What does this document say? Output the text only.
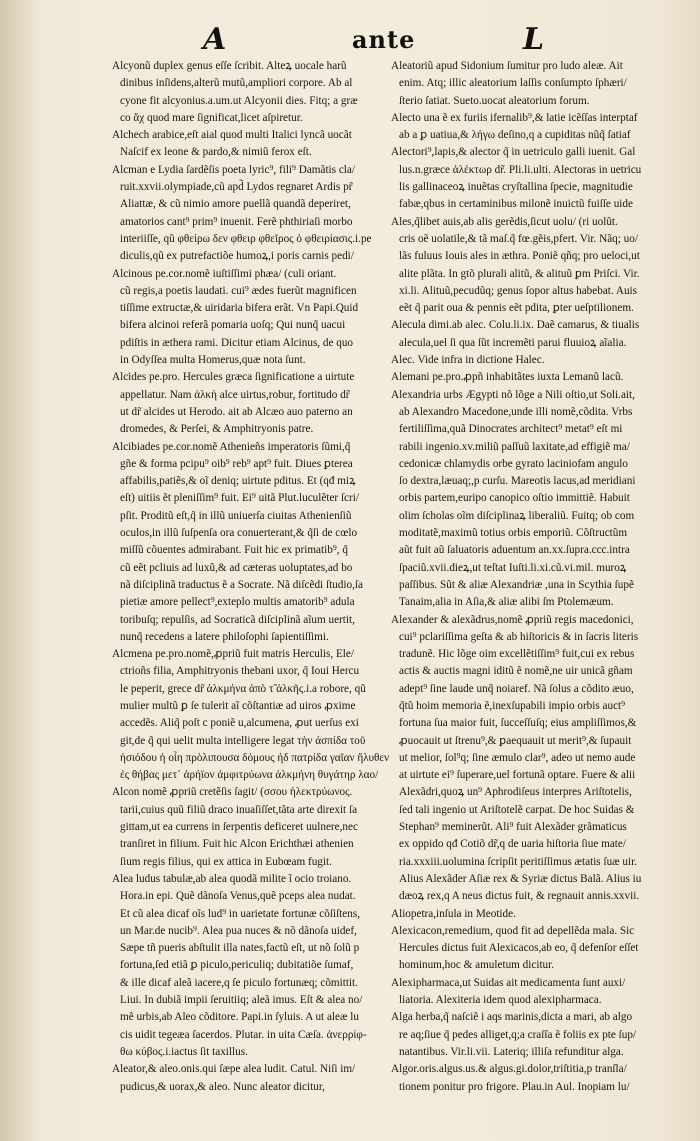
A	ante	L
Alcyonũ duplex genus eſſe ſcribit. Alteꝝ uocale harũ
dinibus inſidens,alterũ mutũ,ampliori corpore. Ab al
cyone fit alcyonius.a.um.ut Alcyonii dies. Fitq; a græ
co ἄχ quod mare ſignificat,licet aſpiretur.
Alchech arabice,eſt aial quod multi Italici lyncã uocãt
Naſcif ex leone & pardo,& nimiũ ferox eſt.
Alcman e Lydia ſardẽſis poeta lyric⁹, fili⁹ Damãtis cla/
ruit.xxvii.olympiade,cũ apd̃ Lydos regnaret Ardis pr̃
Aliattæ, & cũ nimio amore puellã quandã deperiret,
amatorios cant⁹ prim⁹ inuenit. Ferẽ phthiriaſi morbo
interiiſſe, qũ φθείρω δεν φθειρ φθεῖρος ὁ φθειρίασις.i.pe
diculis,qũ ex putrefactiõe humoꝝ,i poris carnis pedi/
Alcinous pe.cor.nomẽ iuſtiſſimi phæa/ (culi oriant.
cũ regis,a poetis laudati. cui⁹ ædes fuerũt magnificen
tiſſime extructæ,& uiridaria bifera erãt. Vn Papi.Quid
bifera alcinoi referã pomaria uoſq; Qui nunq̃ uacui
pdiſtis in æthera rami. Dicitur etiam Alcinus, de quo
in Odyſſea multa Homerus,quæ nota ſunt.
Alcides pe.pro. Hercules græca ſignificatione a uirtute
appellatur. Nam ἀλκὴ alce uirtus,robur, fortitudo dr̃
ut dr̃ alcides ut Herodo. ait ab Alcæo auo paterno an
dromedes, & Perſei, & Amphitryonis patre.
Alcibiades pe.cor.nomẽ Athenieñs imperatoris ſũmi,q̃
gñe & forma pcipu⁹ oib⁹ reb⁹ apt⁹ fuit. Diues ꝑterea
affabilis,patiẽs,& oĩ deniq; uirtute pditus. Et (qđ miꝝ
eſt) uitiis ẽt pleniſſim⁹ fuit. Ei⁹ uitã Plut.luculẽter ſcri/
pſit. Proditũ eſt,q̃ in illũ uniuerſa ciuitas Athenienſiũ
oculos,in illũ ſuſpenſa ora conuerterant,& q̃ſi de cœlo
miſſũ cõuentes admirabant. Fuit hic ex primatib⁹, q̃
cũ eẽt pcliuis ad luxũ,& ad cæteras uoluptates,ad bo
nã diſciplinã traductus ẽ a Socrate. Nã diſcẽdi ſtudio,ſa
pietiæ amore pellect⁹,exteplo multis amatorib⁹ adula
toribuſq; repulſis, ad Socraticã diſciplinã aĩum uertit,
nunq̃ recedens a latere philoſophi ſapientiſſimi.
Alcmena pe.pro.nomẽ,ꝓpriũ fuit matris Herculis, Ele/
ctrioñs filia, Amphitryonis thebani uxor, q̃ Ioui Hercu
le peperit, grece dr̃ ἀλκμήνα ἀπὸ τ̃ ἀλκῆς.i.a robore, qũ
mulier multũ ꝑ ſe tulerit aĩ cõſtantiæ ad uiros ꝓxime
accedẽs. Aliq̃ poſt c poniẽ u,alcumena, ꝓut uerſus exi
git,de q̃ qui uelit multa intelligere legat τὴν ἀσπίδα τοῦ
ἡσιόδου ἡ οἷη πρὸλιπουσα δόμους ἠδ πατρίδα γαῖαν ἤλυθεν
ἐς θήβας μετ᾽ ἀρήϊον ἀμφιτρύωνα ἀλκμήνη θυγάτηρ λαο/
Alcon nomẽ ꝓpriũ cretẽſis ſagit/ (σσου ἠλεκτρύωνος.
tarii,cuius quũ filiũ draco inuaſiſſet,tãta arte direxit ſa
gittam,ut ea currens in ſerpentis deficeret uulnere,nec
tranſiret in filium. Fuit hic Alcon Erichthæi athenien
ſium regis filius, qui ex attica in Eubœam fugit.
Alea ludus tabulæ,ab alea quodã milite ĩ ocio troiano.
Hora.in epi. Quẽ dãnoſa Venus,quẽ pceps alea nudat.
Et cũ alea dicaf oĩs lud⁹ in uarietate fortunæ cõſiſtens,
un Mar.de nucib⁹. Alea pua nuces & nõ dãnoſa uidef,
Sæpe tñ pueris abſtulit illa nates,factũ eſt, ut nõ ſolũ p
fortuna,ſed etiã ꝑ piculo,periculiq; dubitatiõe ſumaf,
& ille dicaf aleã iacere,q ſe piculo fortunæq; cõmittit.
Liui. In dubiã impii ſeruitiiq; aleã imus. Eſt & alea no/
mẽ urbis,ab Aleo cõditore. Papi.in ſyluis. A ut aleæ lu
cis uidit tegeæa ſacerdos. Plutar. in uita Cæſa. ἀνερρίφ-
θω κύβος.i.iactus ſit taxillus.
Aleator,& aleo.onis.qui ſæpe alea ludit. Catul. Niſi im/
pudicus,& uorax,& aleo. Nunc aleator dicitur,
Aleatoriũ apud Sidonium ſumitur pro ludo aleæ. Ait
enim. Atq; illic aleatorium laſſis conſumpto ſphæri/
ſterio ſatiat. Sueto.uocat aleatorium forum.
Alecto una ẽ ex furiis ifernalib⁹,& latie icẽſſas interptaf
ab a ꝑ uatiua,& λήγω deſino,q a cupiditas nũq̃ ſatiaf
Alectori⁹,lapis,& alector q̃ in uetriculo galli iuenit. Gal
lus.n.græce ἀλέκτωρ dr̃. Pli.li.ulti. Alectoras in uetricu
lis gallinaceoꝝ inuẽtas cryſtallina ſpecie, magnitudie
fabæ,qbus in certaminibus milonẽ inuictũ fuiſſe uide
Ales,q̃libet auis,ab alis gerẽdis,ſicut uolu/ (ri uolũt.
cris oẽ uolatile,& tã maſ.q̃ fœ.gẽis,pfert. Vir. Nãq; uo/
lãs fuluus Iouis ales in æthra. Poniẽ qñq; pro ueloci,ut
alite plãta. In gtõ plurali alitũ, & alituũ ꝑm Priſci. Vir.
xi.li. Alituũ,pecudũq; genus ſopor altus habebat. Auis
eẽt q̃ parit oua & pennis eẽt pdita, ꝑter ueſptilionem.
Alecula dimi.ab alec. Colu.li.ix. Daẽ camarus, & tiualis
alecula,uel ſi qua ſũt incremẽti parui fluuioꝝ aĩalia.
Alec. Vide infra in dictione Halec.
Alemani pe.pro.ꝓpñ inhabitãtes iuxta Lemanũ lacũ.
Alexandria urbs Ægypti nõ lõge a Nili oſtio,ut Soli.ait,
ab Alexandro Macedone,unde illi nomẽ,cõdita. Vrbs
fertiliſſima,quã Dinocrates architect⁹ metat⁹ eſt mi
rabili ingenio.xv.miliũ paſſuũ laxitate,ad effigiẽ ma/
cedonicæ chlamydis orbe gyrato laciniofam angulo
ſo dextra,læuaq;,p curſu. Mareotis lacus,ad meridiani
orbis partem,euripo canopico oſtio immittiẽ. Habuit
olim ſcholas oĩm diſciplinaꝝ liberaliũ. Fuitq; ob com
moditatẽ,maximũ totius orbis emporiũ. Cõſtructũm
aũt fuit aũ ſaluatoris aduentum an.xx.ſupra.ccc.intra
ſpaciũ.xvii.dieꝝ,ut teſtat Iuſti.li.xi.cũ.vi.mil. muroꝝ
paſſibus. Sũt & aliæ Alexandriæ ,una in Scythia ſupẽ
Tanaim,alia in Aſia,& aliæ alibi ſm Ptolemæum.
Alexander & alexãdrus,nomẽ ꝓpriũ regis macedonici,
cui⁹ pclariſſima geſta & ab hiſtoricis & in ſacris literis
tradunẽ. Hic lõge oim excellẽtiſſim⁹ fuit,cui ex rebus
actis & auctis magni iditũ ẽ nomẽ,ne uir unicã gñam
adept⁹ ſine laude unq̃ noiaref. Nã ſolus a cõdito æuo,
q̃tũ hoim memoria ẽ,inexſupabili impio orbis auct⁹
fortuna ſua maior fuit, ſucceſſuſq; eius ampliſſimos,&
ꝓuocauit ut ſtrenu⁹,& ꝑaequauit ut merit⁹,& ſupauit
ut melior, ſol⁹q; ſine æmulo clar⁹, adeo ut nemo aude
at uirtute ei⁹ ſuperare,uel fortunã optare. Fuere & alii
Alexãdri,quoꝝ un⁹ Aphrodiſeus interpres Ariſtotelis,
ſed tali ingenio ut Ariſtotelẽ carpat. De hoc Suidas &
Stephan⁹ meminerũt. Ali⁹ fuit Alexãder grãmaticus
ex oppido qđ Cotiõ dr̃,q de uaria hiſtoria ſiue mate/
ria.xxxiii.uolumina ſcripſit peritiſſimus ætatis ſuæ uir.
Alius Alexãder Aſiæ rex & Syriæ dictus Balã. Alius iu
dæoꝝ rex,q A neus dictus fuit, & regnauit annis.xxvii.
Aliopetra,inſula in Meotide.
Alexicacon,remedium, quod fit ad depellẽda mala. Sic
Hercules dictus fuit Alexicacos,ab eo, q̃ defenſor eſſet
hominum,hoc & amuletum dicitur.
Alexipharmaca,ut Suidas ait medicamenta ſunt auxi/
liatoria. Alexiteria idem quod alexipharmaca.
Alga herba,q̃ naſciẽ i aqs marinis,dicta a mari, ab algo
re aq;ſiue q̃ pedes alliget,q;a craſſa ẽ foliis ex pte ſup/
natantibus. Vir.li.vii. Lateriq; illiſa refunditur alga.
Algor.oris.algus.us.& algus.gi.dolor,triſtitia,p tranſla/
tionem ponitur pro frigore. Plau.in Aul. Inopiam lu/
